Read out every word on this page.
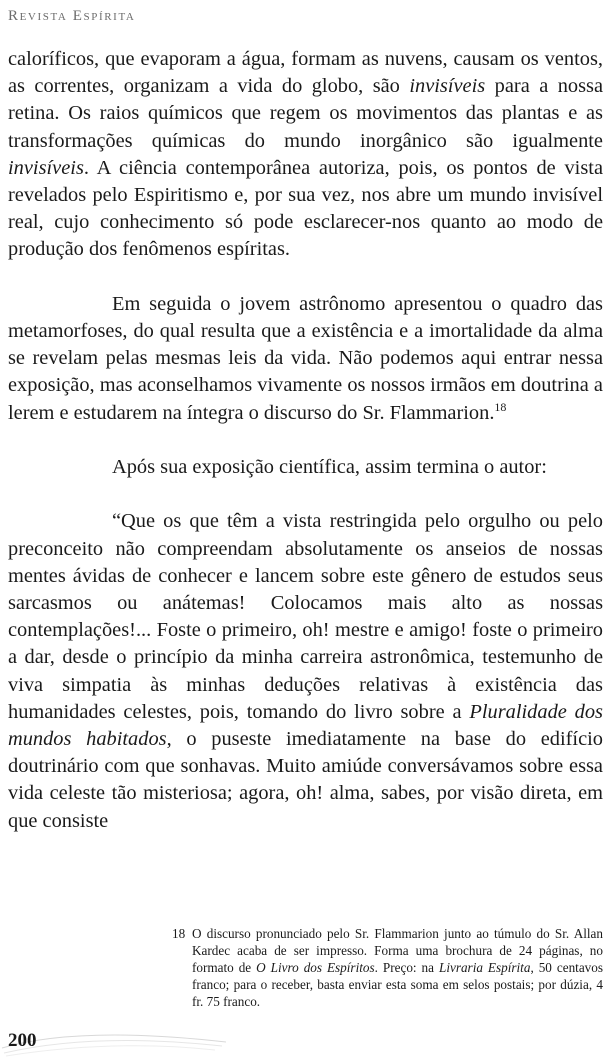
Revista Espírita

caloríficos, que evaporam a água, formam as nuvens, causam os ventos, as correntes, organizam a vida do globo, são invisíveis para a nossa retina. Os raios químicos que regem os movimentos das plantas e as transformações químicas do mundo inorgânico são igualmente invisíveis. A ciência contemporânea autoriza, pois, os pontos de vista revelados pelo Espiritismo e, por sua vez, nos abre um mundo invisível real, cujo conhecimento só pode esclarecer-nos quanto ao modo de produção dos fenômenos espíritas.

Em seguida o jovem astrônomo apresentou o quadro das metamorfoses, do qual resulta que a existência e a imortalidade da alma se revelam pelas mesmas leis da vida. Não podemos aqui entrar nessa exposição, mas aconselhamos vivamente os nossos irmãos em doutrina a lerem e estudarem na íntegra o discurso do Sr. Flammarion.$^{18}$

Após sua exposição científica, assim termina o autor:

“Que os que têm a vista restringida pelo orgulho ou pelo preconceito não compreendam absolutamente os anseios de nossas mentes ávidas de conhecer e lancem sobre este gênero de estudos seus sarcasmos ou anátemas! Colocamos mais alto as nossas contemplações!... Foste o primeiro, oh! mestre e amigo! foste o primeiro a dar, desde o princípio da minha carreira astronômica, testemunho de viva simpatia às minhas deduções relativas à existência das humanidades celestes, pois, tomando do livro sobre a Pluralidade dos mundos habitados, o puseste imediatamente na base do edifício doutrinário com que sonhavas. Muito amiúde conversávamos sobre essa vida celeste tão misteriosa; agora, oh! alma, sabes, por visão direta, em que consiste

18 O discurso pronunciado pelo Sr. Flammarion junto ao túmulo do Sr. Allan Kardec acaba de ser impresso. Forma uma brochura de 24 páginas, no formato de O Livro dos Espíritos. Preço: na Livraria Espírita, 50 centavos franco; para o receber, basta enviar esta soma em selos postais; por dúzia, 4 fr. 75 franco.
200
